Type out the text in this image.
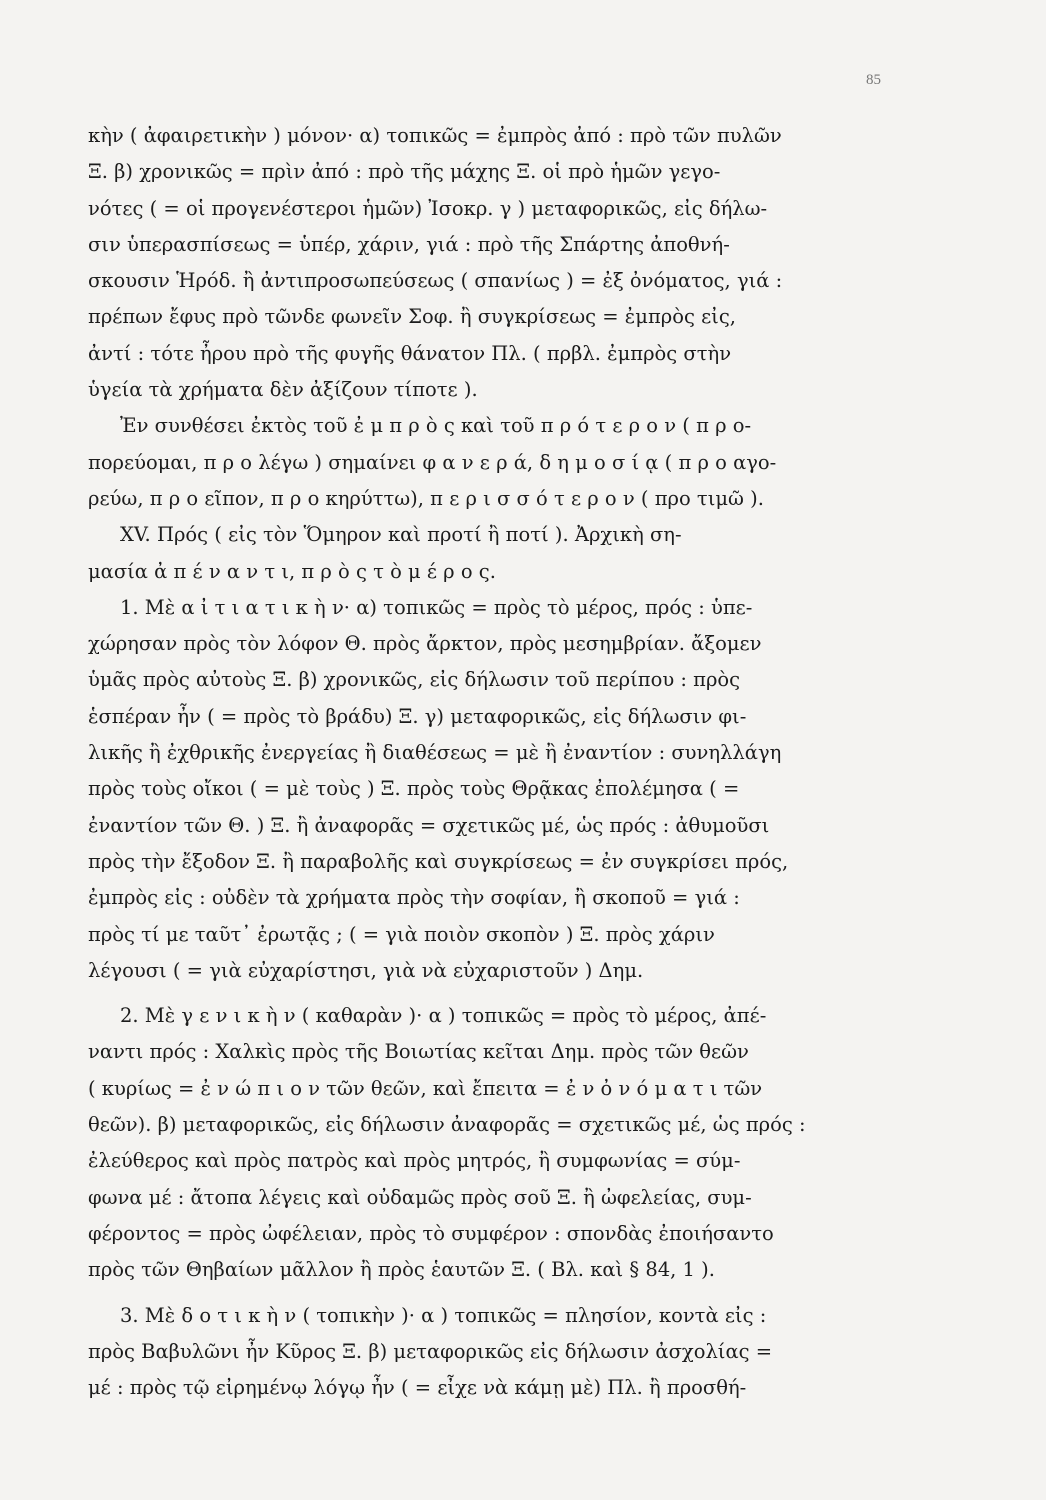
85
κὴν ( ἀφαιρετικὴν ) μόνον· α) τοπικῶς = ἐμπρὸς ἀπό : πρὸ τῶν πυλῶν
Ξ. β) χρονικῶς = πρὶν ἀπό : πρὸ τῆς μάχης Ξ. οἱ πρὸ ἡμῶν γεγο-
νότες ( = οἱ προγενέστεροι ἡμῶν) Ἰσοκρ. γ ) μεταφορικῶς, εἰς δήλω-
σιν ὑπερασπίσεως = ὑπέρ, χάριν, γιά : πρὸ τῆς Σπάρτης ἀποθνή-
σκουσιν Ἡρόδ. ἢ ἀντιπροσωπεύσεως ( σπανίως ) = ἐξ ὀνόματος, γιά :
πρέπων ἔφυς πρὸ τῶνδε φωνεῖν Σοφ. ἢ συγκρίσεως = ἐμπρὸς εἰς,
ἀντί : τότε ἦρου πρὸ τῆς φυγῆς θάνατον Πλ. ( πρβλ. ἐμπρὸς στὴν
ὑγεία τὰ χρήματα δὲν ἀξίζουν τίποτε ).
Ἐν συνθέσει ἐκτὸς τοῦ ἐ μ π ρ ὸ ς καὶ τοῦ π ρ ό τ ε ρ ο ν ( π ρ ο-
πορεύομαι, π ρ ο λέγω ) σημαίνει φ α ν ε ρ ά, δ η μ ο σ ί ᾳ ( π ρ ο αγο-
ρεύω, π ρ ο εῖπον, π ρ ο κηρύττω), π ε ρ ι σ σ ό τ ε ρ ο ν ( προ τιμῶ ).
XV. Πρός ( εἰς τὸν Ὅμηρον καὶ προτί ἢ ποτί ). Ἀρχικὴ ση-
μασία ἀ π έ ν α ν τ ι, π ρ ὸ ς τ ὸ μ έ ρ ο ς.
1. Μὲ α ἰ τ ι α τ ι κ ὴ ν· α) τοπικῶς = πρὸς τὸ μέρος, πρός : ὑπε-
χώρησαν πρὸς τὸν λόφον Θ. πρὸς ἄρκτον, πρὸς μεσημβρίαν. ἄξομεν
ὑμᾶς πρὸς αὐτοὺς Ξ. β) χρονικῶς, εἰς δήλωσιν τοῦ περίπου : πρὸς
ἑσπέραν ἦν ( = πρὸς τὸ βράδυ) Ξ. γ) μεταφορικῶς, εἰς δήλωσιν φι-
λικῆς ἢ ἐχθρικῆς ἐνεργείας ἢ διαθέσεως = μὲ ἢ ἐναντίον : συνηλλάγη
πρὸς τοὺς οἴκοι ( = μὲ τοὺς ) Ξ. πρὸς τοὺς Θρᾷκας ἐπολέμησα ( =
ἐναντίον τῶν Θ. ) Ξ. ἢ ἀναφορᾶς = σχετικῶς μέ, ὡς πρός : ἀθυμοῦσι
πρὸς τὴν ἔξοδον Ξ. ἢ παραβολῆς καὶ συγκρίσεως = ἐν συγκρίσει πρός,
ἐμπρὸς εἰς : οὐδὲν τὰ χρήματα πρὸς τὴν σοφίαν, ἢ σκοποῦ = γιά :
πρὸς τί με ταῦτ᾽ ἐρωτᾷς ; ( = γιὰ ποιὸν σκοπὸν ) Ξ. πρὸς χάριν
λέγουσι ( = γιὰ εὐχαρίστησι, γιὰ νὰ εὐχαριστοῦν ) Δημ.
2. Μὲ γ ε ν ι κ ὴ ν ( καθαρὰν )· α ) τοπικῶς = πρὸς τὸ μέρος, ἀπέ-
ναντι πρός : Χαλκὶς πρὸς τῆς Βοιωτίας κεῖται Δημ. πρὸς τῶν θεῶν
( κυρίως = ἐ ν ώ π ι ο ν τῶν θεῶν, καὶ ἔπειτα = ἐ ν ὀ ν ό μ α τ ι τῶν
θεῶν). β) μεταφορικῶς, εἰς δήλωσιν ἀναφορᾶς = σχετικῶς μέ, ὡς πρός :
ἐλεύθερος καὶ πρὸς πατρὸς καὶ πρὸς μητρός, ἢ συμφωνίας = σύμ-
φωνα μέ : ἄτοπα λέγεις καὶ οὐδαμῶς πρὸς σοῦ Ξ. ἢ ὠφελείας, συμ-
φέροντος = πρὸς ὠφέλειαν, πρὸς τὸ συμφέρον : σπονδὰς ἐποιήσαντο
πρὸς τῶν Θηβαίων μᾶλλον ἢ πρὸς ἑαυτῶν Ξ. ( Βλ. καὶ § 84, 1 ).
3. Μὲ δ ο τ ι κ ὴ ν ( τοπικὴν )· α ) τοπικῶς = πλησίον, κοντὰ εἰς :
πρὸς Βαβυλῶνι ἦν Κῦρος Ξ. β) μεταφορικῶς εἰς δήλωσιν ἀσχολίας =
μέ : πρὸς τῷ εἰρημένῳ λόγῳ ἦν ( = εἶχε νὰ κάμῃ μὲ) Πλ. ἢ προσθή-
